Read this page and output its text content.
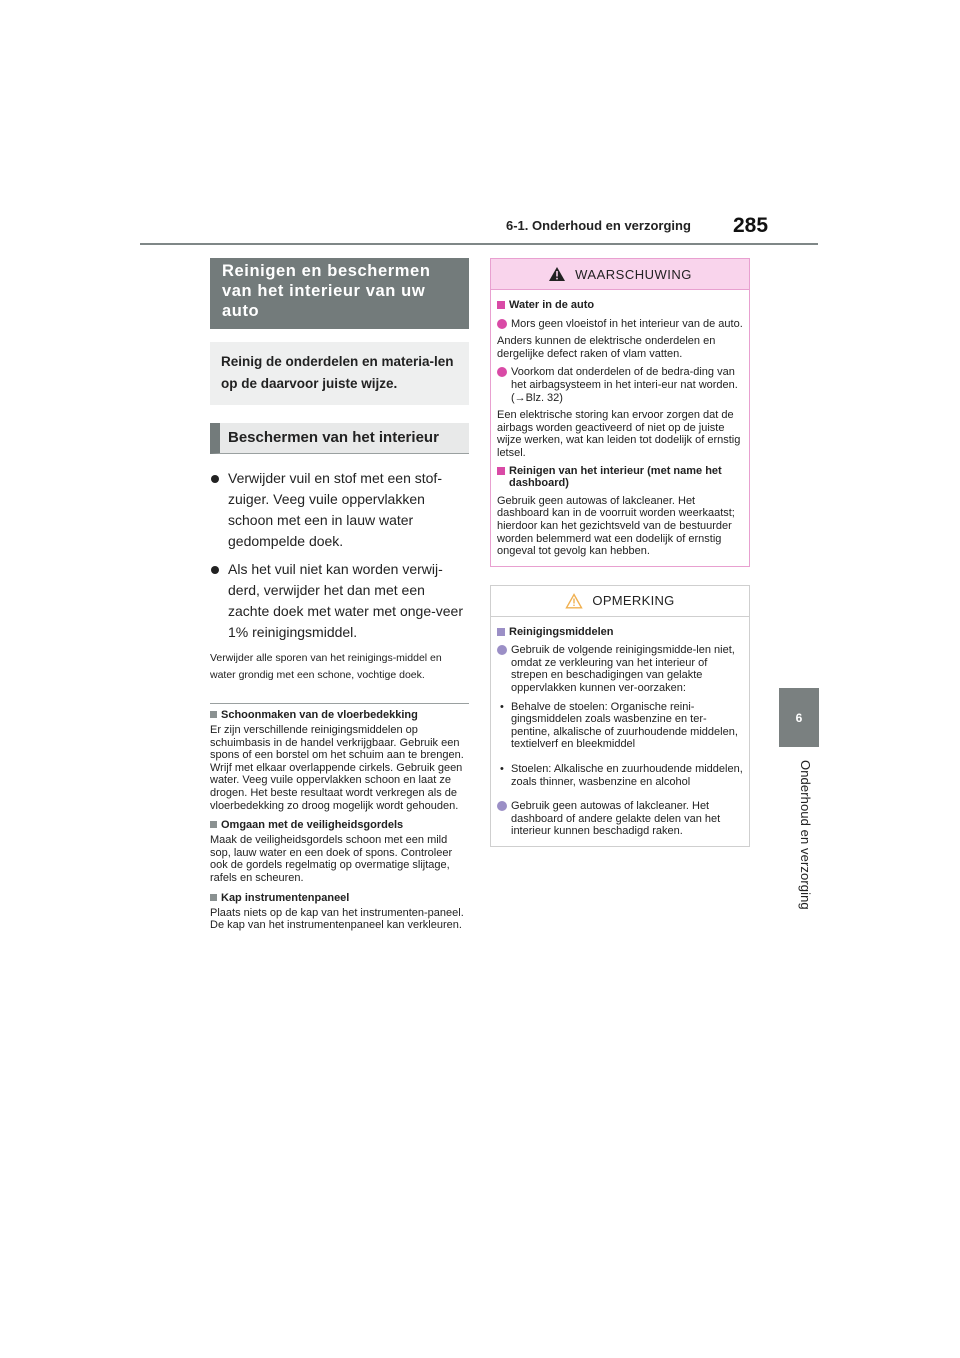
6-1. Onderhoud en verzorging 285
6
Onderhoud en verzorging
Reinigen en beschermen van het interieur van uw auto
Reinig de onderdelen en materia-len op de daarvoor juiste wijze.
Beschermen van het interieur
Verwijder vuil en stof met een stof-zuiger. Veeg vuile oppervlakken schoon met een in lauw water gedompelde doek.
Als het vuil niet kan worden verwij-derd, verwijder het dan met een zachte doek met water met onge-veer 1% reinigingsmiddel.
Verwijder alle sporen van het reinigings-middel en water grondig met een schone, vochtige doek.
Schoonmaken van de vloerbedekking
Er zijn verschillende reinigingsmiddelen op schuimbasis in de handel verkrijgbaar. Gebruik een spons of een borstel om het schuim aan te brengen. Wrijf met elkaar overlappende cirkels. Gebruik geen water. Veeg vuile oppervlakken schoon en laat ze drogen. Het beste resultaat wordt verkregen als de vloerbedekking zo droog mogelijk wordt gehouden.
Omgaan met de veiligheidsgordels
Maak de veiligheidsgordels schoon met een mild sop, lauw water en een doek of spons. Controleer ook de gordels regelmatig op overmatige slijtage, rafels en scheuren.
Kap instrumentenpaneel
Plaats niets op de kap van het instrumenten-paneel. De kap van het instrumentenpaneel kan verkleuren.
WAARSCHUWING
Water in de auto
Mors geen vloeistof in het interieur van de auto.
Anders kunnen de elektrische onderdelen en dergelijke defect raken of vlam vatten.
Voorkom dat onderdelen of de bedra-ding van het airbagsysteem in het interi-eur nat worden. (→Blz. 32)
Een elektrische storing kan ervoor zorgen dat de airbags worden geactiveerd of niet op de juiste wijze werken, wat kan leiden tot dodelijk of ernstig letsel.
Reinigen van het interieur (met name het dashboard)
Gebruik geen autowas of lakcleaner. Het dashboard kan in de voorruit worden weerkaatst; hierdoor kan het gezichtsveld van de bestuurder worden belemmerd wat een dodelijk of ernstig ongeval tot gevolg kan hebben.
OPMERKING
Reinigingsmiddelen
Gebruik de volgende reinigingsmidde-len niet, omdat ze verkleuring van het interieur of strepen en beschadigingen van gelakte oppervlakken kunnen ver-oorzaken:
• Behalve de stoelen: Organische reini-gingsmiddelen zoals wasbenzine en ter-pentine, alkalische of zuurhoudende middelen, textielverf en bleekmiddel
• Stoelen: Alkalische en zuurhoudende middelen, zoals thinner, wasbenzine en alcohol
Gebruik geen autowas of lakcleaner. Het dashboard of andere gelakte delen van het interieur kunnen beschadigd raken.
